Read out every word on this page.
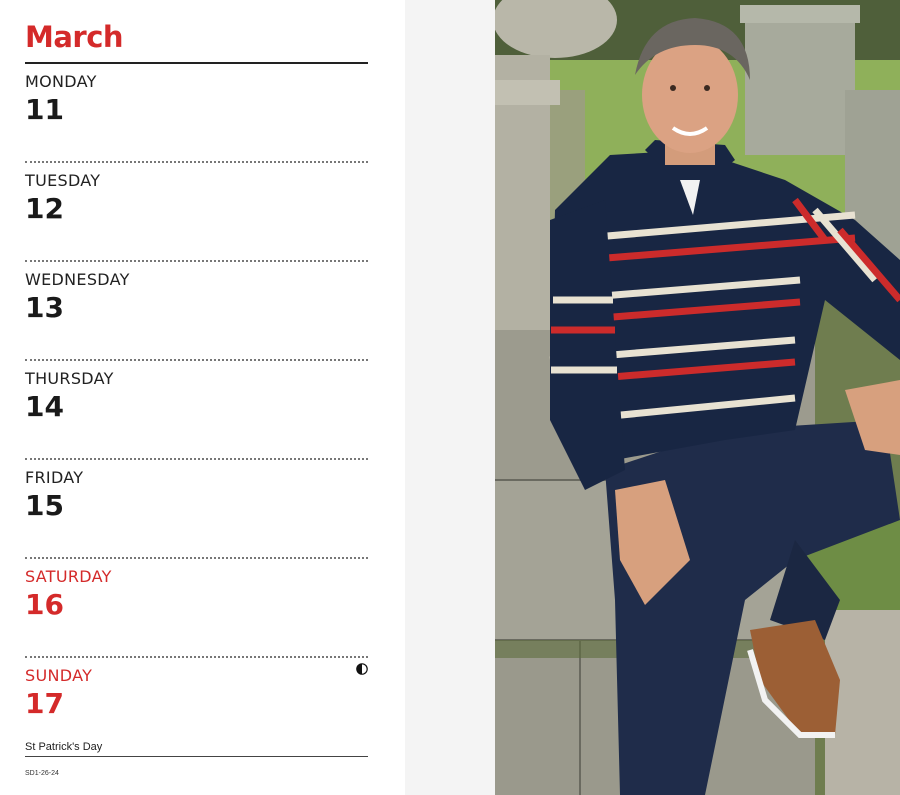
March
MONDAY
11
TUESDAY
12
WEDNESDAY
13
THURSDAY
14
FRIDAY
15
SATURDAY
16
SUNDAY
17
St Patrick's Day
SD1-26-24
